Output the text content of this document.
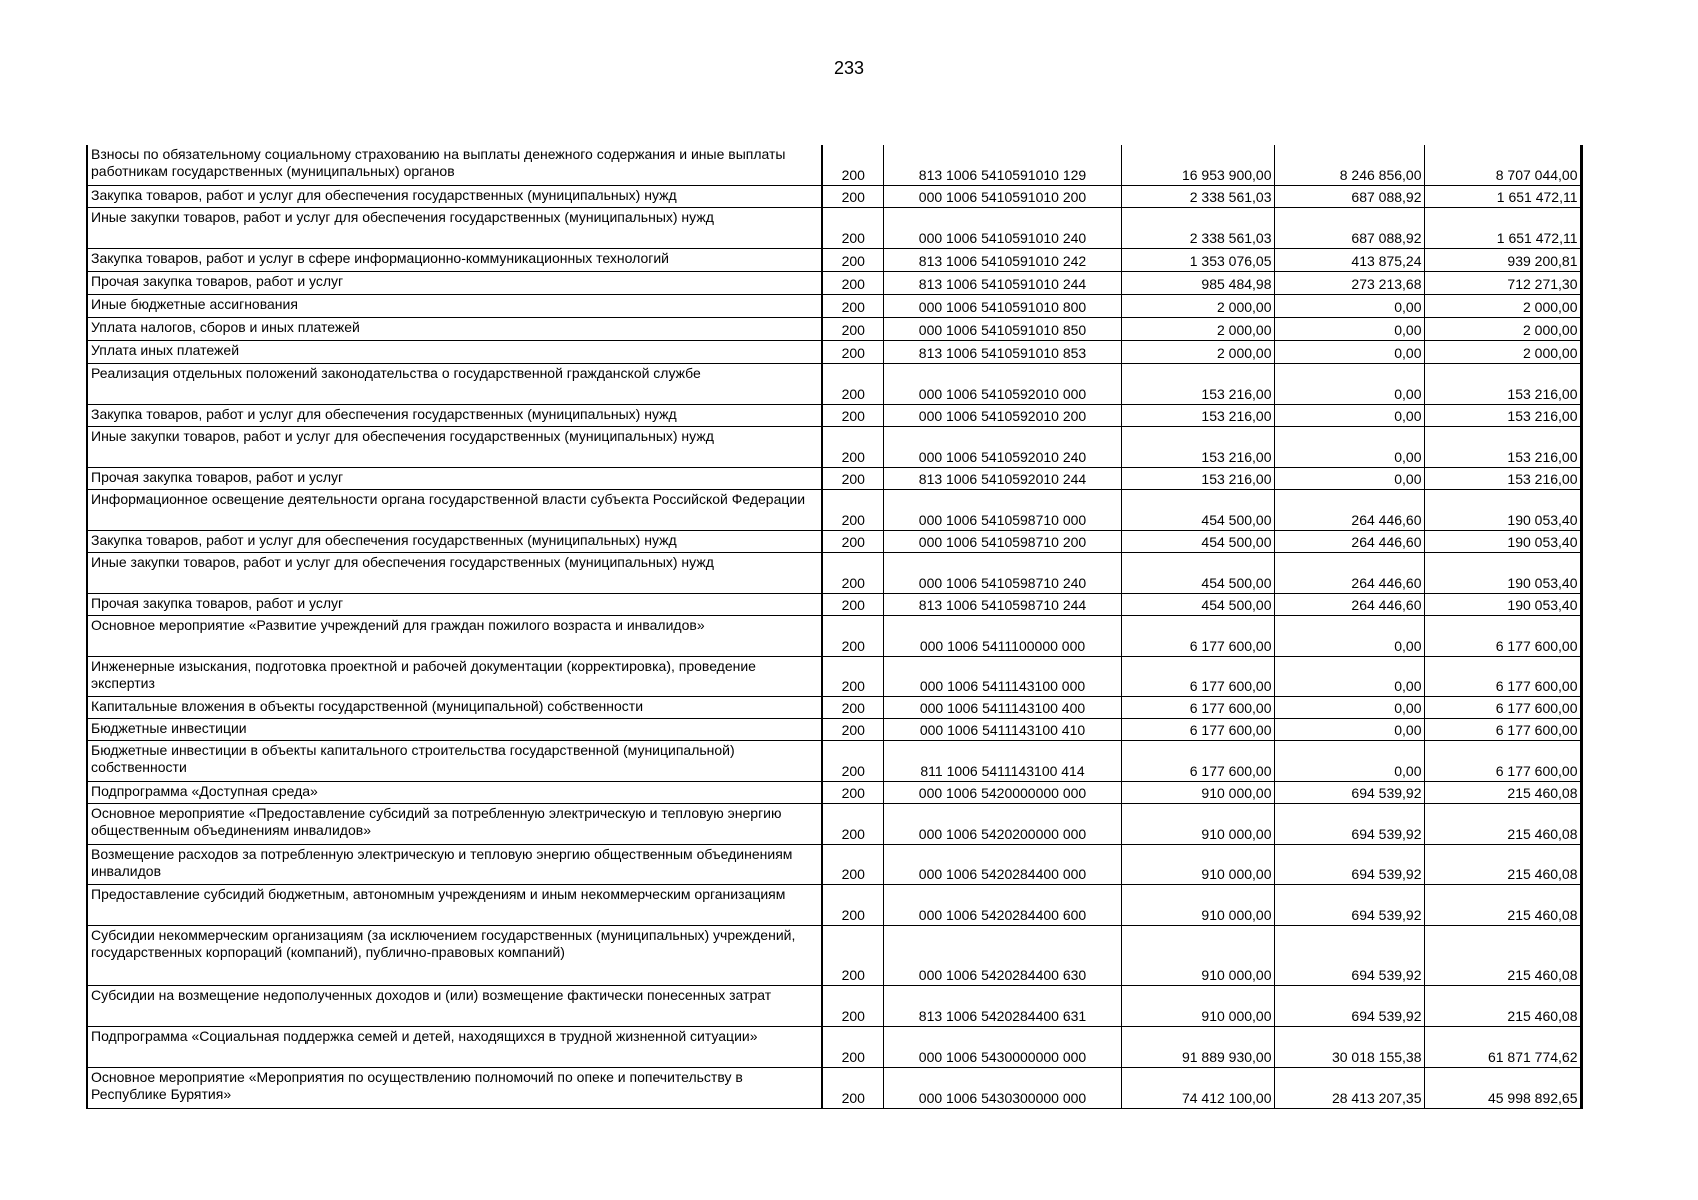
233
Взносы по обязательному социальному страхованию на выплаты денежного содержания и иные выплаты работникам государственных (муниципальных) органов	200	813 1006 5410591010 129	16 953 900,00	8 246 856,00	8 707 044,00
Закупка товаров, работ и услуг для обеспечения государственных (муниципальных) нужд	200	000 1006 5410591010 200	2 338 561,03	687 088,92	1 651 472,11
Иные закупки товаров, работ и услуг для обеспечения государственных (муниципальных) нужд	200	000 1006 5410591010 240	2 338 561,03	687 088,92	1 651 472,11
Закупка товаров, работ и услуг в сфере информационно-коммуникационных технологий	200	813 1006 5410591010 242	1 353 076,05	413 875,24	939 200,81
Прочая закупка товаров, работ и услуг	200	813 1006 5410591010 244	985 484,98	273 213,68	712 271,30
Иные бюджетные ассигнования	200	000 1006 5410591010 800	2 000,00	0,00	2 000,00
Уплата налогов, сборов и иных платежей	200	000 1006 5410591010 850	2 000,00	0,00	2 000,00
Уплата иных платежей	200	813 1006 5410591010 853	2 000,00	0,00	2 000,00
Реализация отдельных положений законодательства о государственной гражданской службе	200	000 1006 5410592010 000	153 216,00	0,00	153 216,00
Закупка товаров, работ и услуг для обеспечения государственных (муниципальных) нужд	200	000 1006 5410592010 200	153 216,00	0,00	153 216,00
Иные закупки товаров, работ и услуг для обеспечения государственных (муниципальных) нужд	200	000 1006 5410592010 240	153 216,00	0,00	153 216,00
Прочая закупка товаров, работ и услуг	200	813 1006 5410592010 244	153 216,00	0,00	153 216,00
Информационное освещение деятельности органа государственной власти субъекта Российской Федерации	200	000 1006 5410598710 000	454 500,00	264 446,60	190 053,40
Закупка товаров, работ и услуг для обеспечения государственных (муниципальных) нужд	200	000 1006 5410598710 200	454 500,00	264 446,60	190 053,40
Иные закупки товаров, работ и услуг для обеспечения государственных (муниципальных) нужд	200	000 1006 5410598710 240	454 500,00	264 446,60	190 053,40
Прочая закупка товаров, работ и услуг	200	813 1006 5410598710 244	454 500,00	264 446,60	190 053,40
Основное мероприятие «Развитие учреждений для граждан пожилого возраста и инвалидов»	200	000 1006 5411100000 000	6 177 600,00	0,00	6 177 600,00
Инженерные изыскания, подготовка проектной и рабочей документации (корректировка), проведение экспертиз	200	000 1006 5411143100 000	6 177 600,00	0,00	6 177 600,00
Капитальные вложения в объекты государственной (муниципальной) собственности	200	000 1006 5411143100 400	6 177 600,00	0,00	6 177 600,00
Бюджетные инвестиции	200	000 1006 5411143100 410	6 177 600,00	0,00	6 177 600,00
Бюджетные инвестиции в объекты капитального строительства государственной (муниципальной) собственности	200	811 1006 5411143100 414	6 177 600,00	0,00	6 177 600,00
Подпрограмма «Доступная среда»	200	000 1006 5420000000 000	910 000,00	694 539,92	215 460,08
Основное мероприятие «Предоставление субсидий за потребленную электрическую и тепловую энергию общественным объединениям инвалидов»	200	000 1006 5420200000 000	910 000,00	694 539,92	215 460,08
Возмещение расходов за потребленную электрическую и тепловую энергию общественным объединениям инвалидов	200	000 1006 5420284400 000	910 000,00	694 539,92	215 460,08
Предоставление субсидий бюджетным, автономным учреждениям и иным некоммерческим организациям	200	000 1006 5420284400 600	910 000,00	694 539,92	215 460,08
Субсидии некоммерческим организациям (за исключением государственных (муниципальных) учреждений, государственных корпораций (компаний), публично-правовых компаний)	200	000 1006 5420284400 630	910 000,00	694 539,92	215 460,08
Субсидии на возмещение недополученных доходов и (или) возмещение фактически понесенных затрат	200	813 1006 5420284400 631	910 000,00	694 539,92	215 460,08
Подпрограмма «Социальная поддержка семей и детей, находящихся в трудной жизненной ситуации»	200	000 1006 5430000000 000	91 889 930,00	30 018 155,38	61 871 774,62
Основное мероприятие «Мероприятия по осуществлению полномочий по опеке и попечительству в Республике Бурятия»	200	000 1006 5430300000 000	74 412 100,00	28 413 207,35	45 998 892,65
